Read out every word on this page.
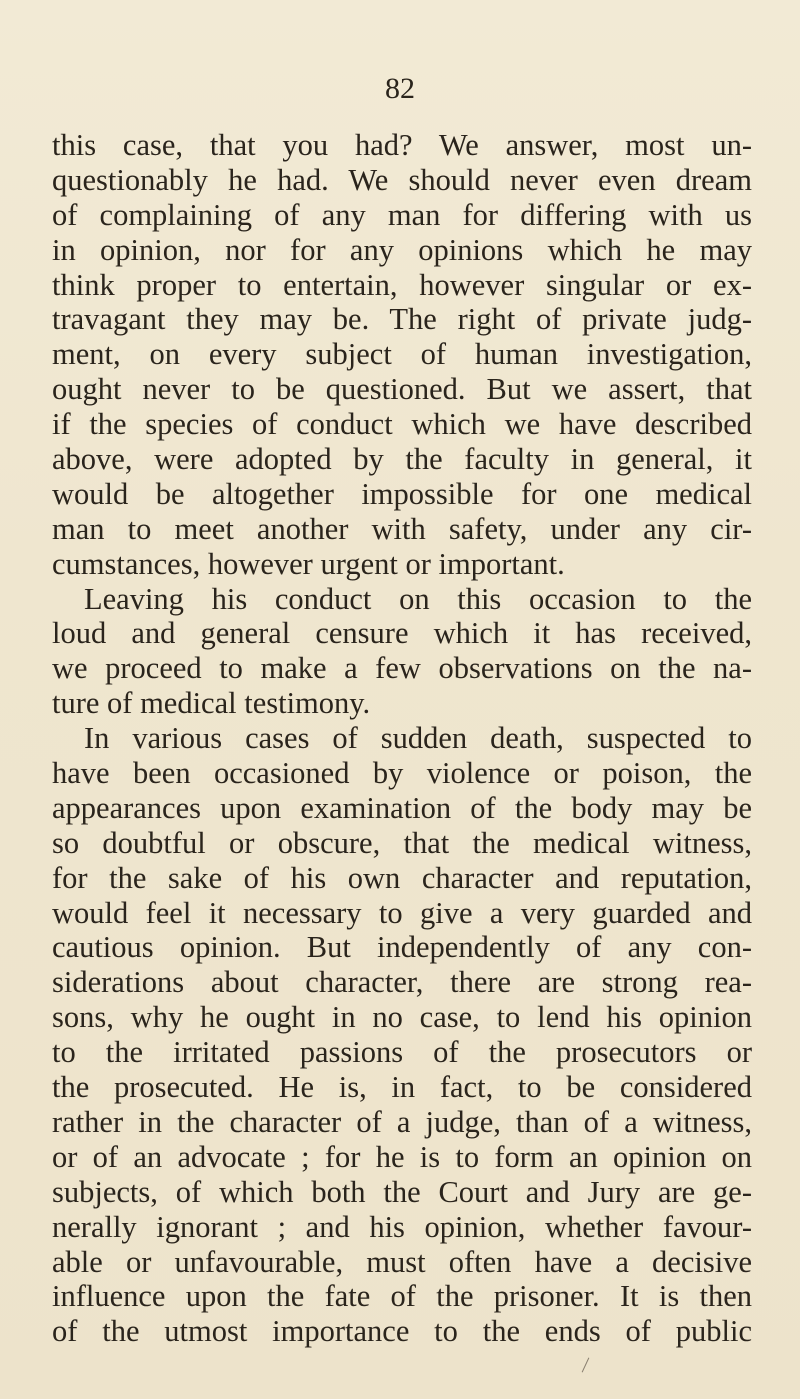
82
this case, that you had? We answer, most un-
questionably he had. We should never even dream
of complaining of any man for differing with us
in opinion, nor for any opinions which he may
think proper to entertain, however singular or ex-
travagant they may be. The right of private judg-
ment, on every subject of human investigation,
ought never to be questioned. But we assert, that
if the species of conduct which we have described
above, were adopted by the faculty in general, it
would be altogether impossible for one medical
man to meet another with safety, under any cir-
cumstances, however urgent or important.
Leaving his conduct on this occasion to the
loud and general censure which it has received,
we proceed to make a few observations on the na-
ture of medical testimony.
In various cases of sudden death, suspected to
have been occasioned by violence or poison, the
appearances upon examination of the body may be
so doubtful or obscure, that the medical witness,
for the sake of his own character and reputation,
would feel it necessary to give a very guarded and
cautious opinion. But independently of any con-
siderations about character, there are strong rea-
sons, why he ought in no case, to lend his opinion
to the irritated passions of the prosecutors or
the prosecuted. He is, in fact, to be considered
rather in the character of a judge, than of a witness,
or of an advocate ; for he is to form an opinion on
subjects, of which both the Court and Jury are ge-
nerally ignorant ; and his opinion, whether favour-
able or unfavourable, must often have a decisive
influence upon the fate of the prisoner. It is then
of the utmost importance to the ends of public
